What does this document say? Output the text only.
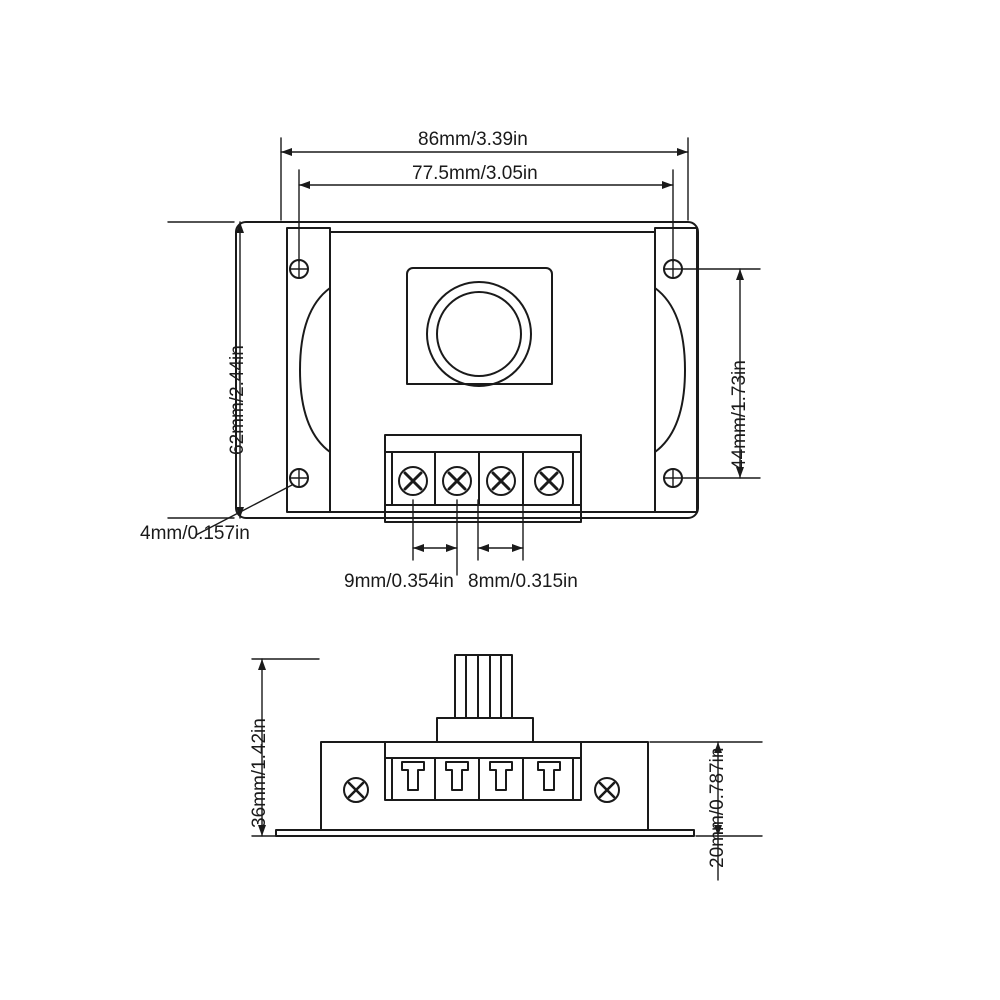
86mm/3.39in
77.5mm/3.05in
62mm/2.44in	44mm/1.73in
4mm/0.157in
9mm/0.354in 8mm/0.315in
36mm/1.42in	20mm/0.787in
